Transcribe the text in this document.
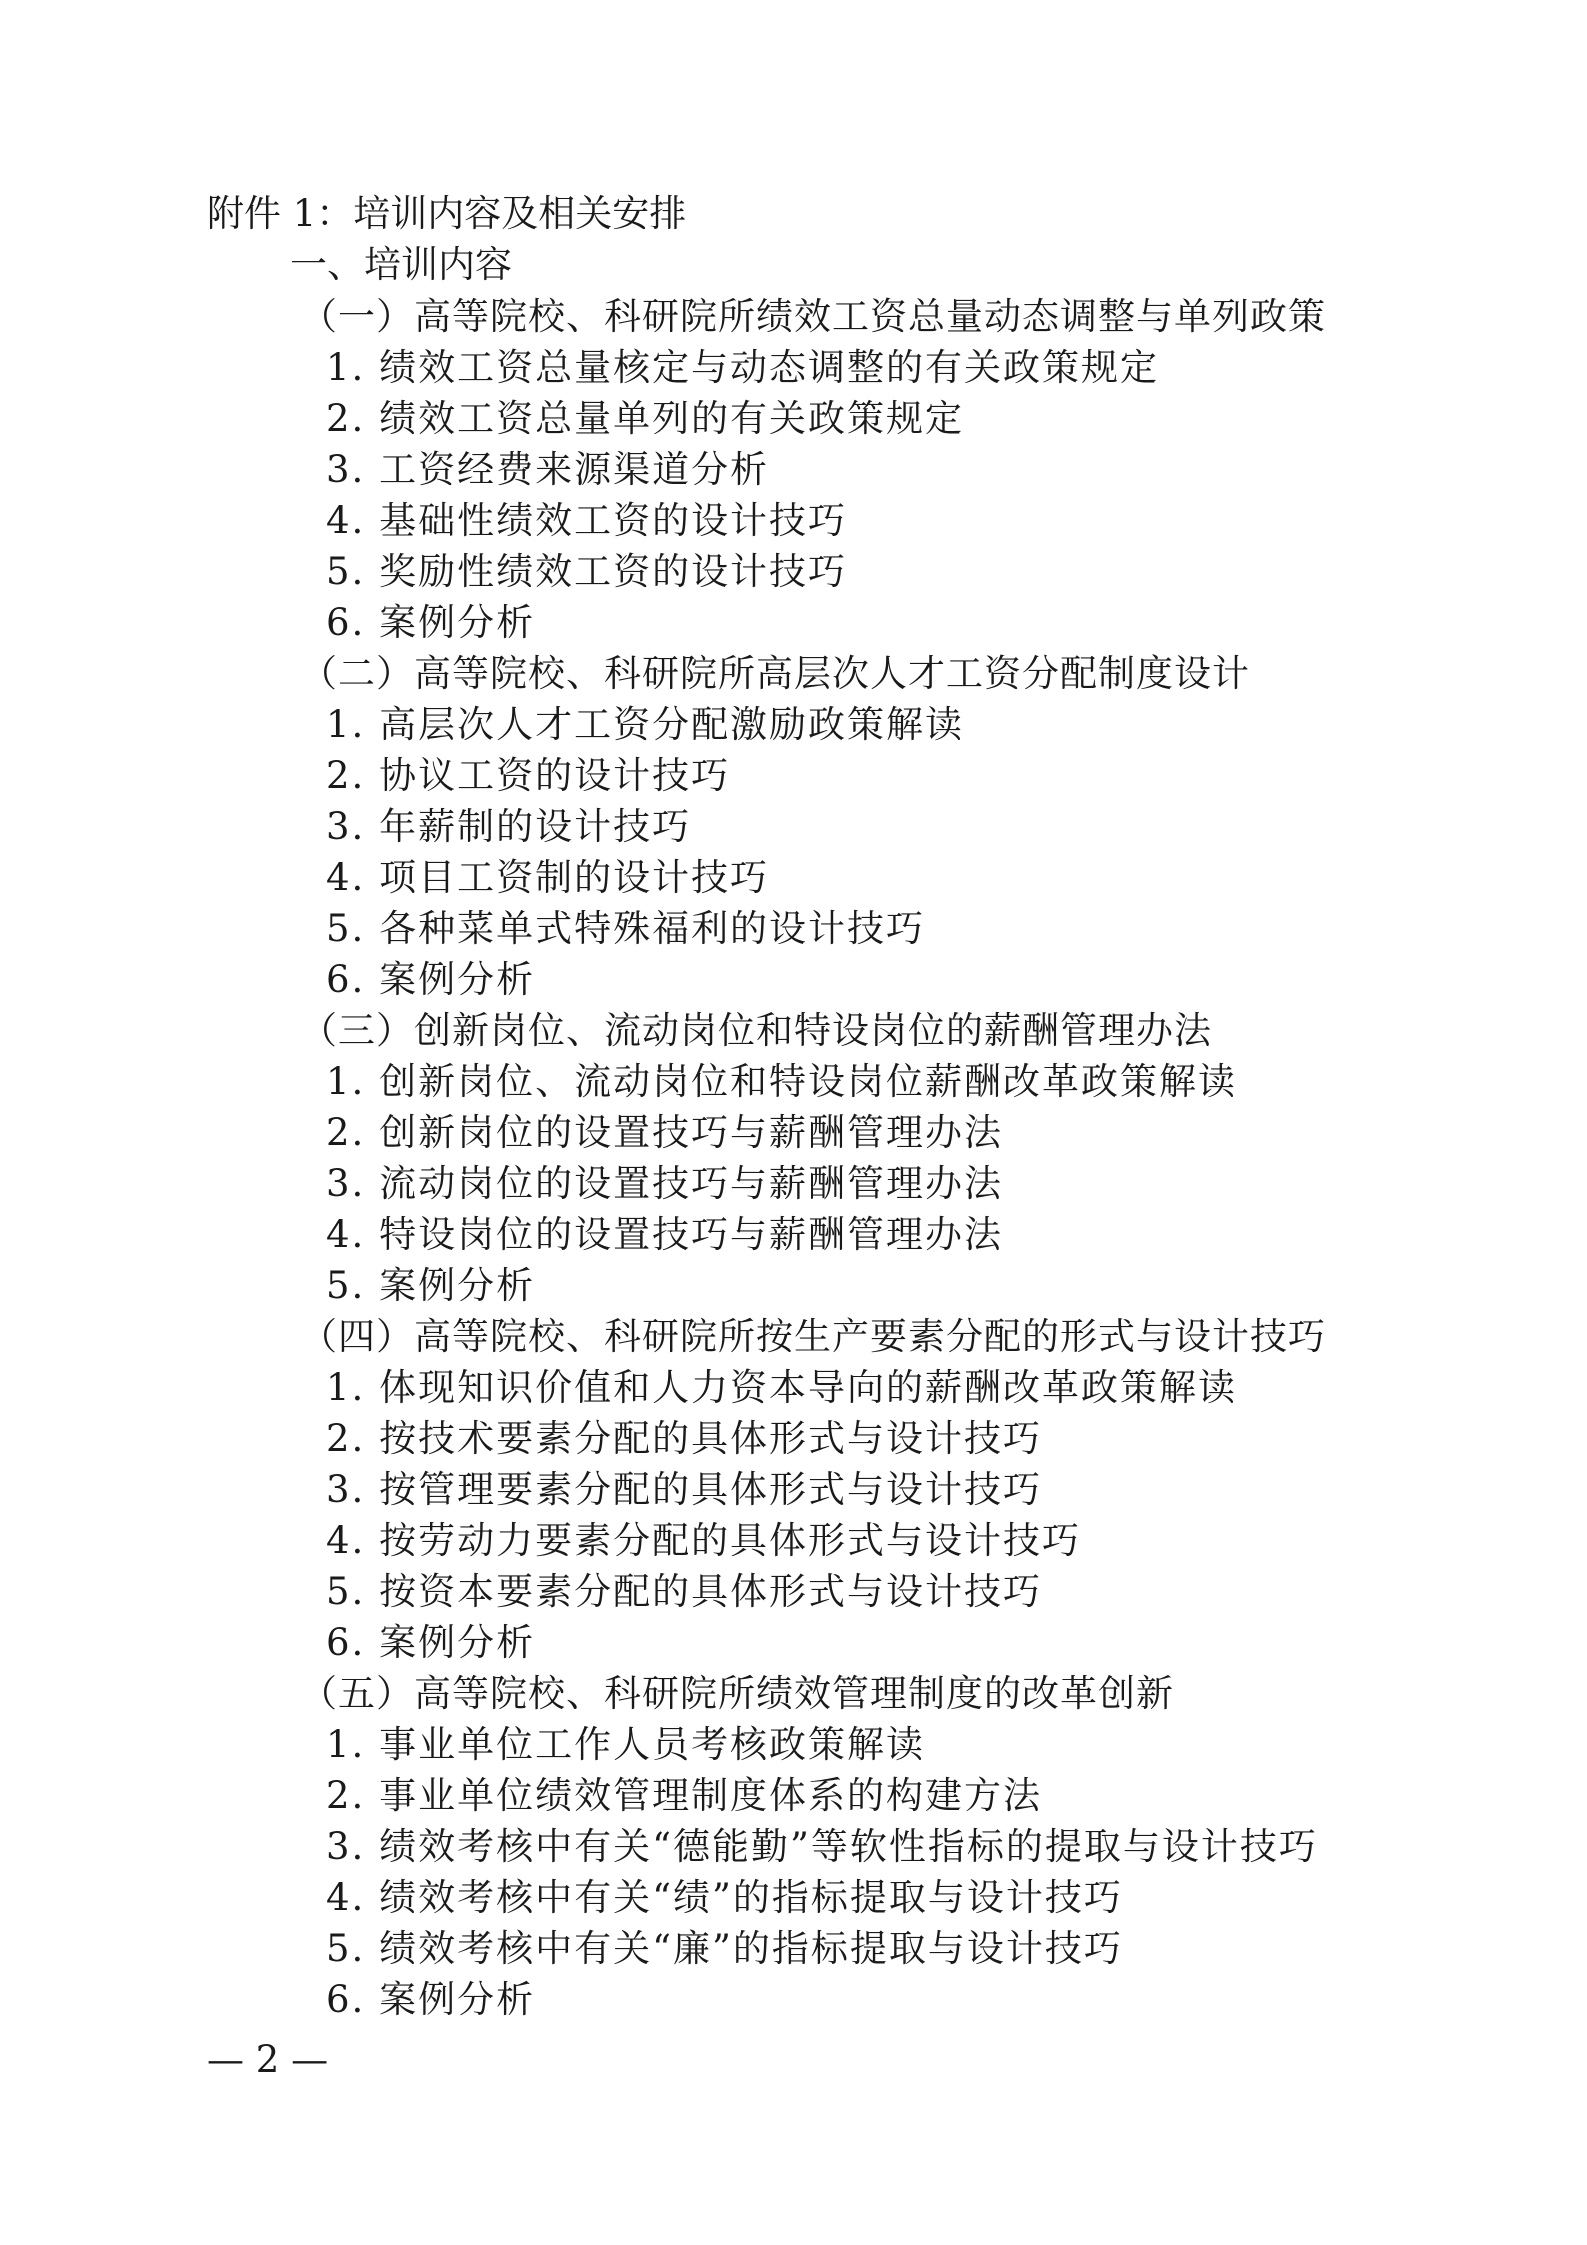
附件 1：培训内容及相关安排
一、培训内容
（一）高等院校、科研院所绩效工资总量动态调整与单列政策
1. 绩效工资总量核定与动态调整的有关政策规定
2. 绩效工资总量单列的有关政策规定
3. 工资经费来源渠道分析
4. 基础性绩效工资的设计技巧
5. 奖励性绩效工资的设计技巧
6. 案例分析
（二）高等院校、科研院所高层次人才工资分配制度设计
1. 高层次人才工资分配激励政策解读
2. 协议工资的设计技巧
3. 年薪制的设计技巧
4. 项目工资制的设计技巧
5. 各种菜单式特殊福利的设计技巧
6. 案例分析
（三）创新岗位、流动岗位和特设岗位的薪酬管理办法
1. 创新岗位、流动岗位和特设岗位薪酬改革政策解读
2. 创新岗位的设置技巧与薪酬管理办法
3. 流动岗位的设置技巧与薪酬管理办法
4. 特设岗位的设置技巧与薪酬管理办法
5. 案例分析
（四）高等院校、科研院所按生产要素分配的形式与设计技巧
1. 体现知识价值和人力资本导向的薪酬改革政策解读
2. 按技术要素分配的具体形式与设计技巧
3. 按管理要素分配的具体形式与设计技巧
4. 按劳动力要素分配的具体形式与设计技巧
5. 按资本要素分配的具体形式与设计技巧
6. 案例分析
（五）高等院校、科研院所绩效管理制度的改革创新
1. 事业单位工作人员考核政策解读
2. 事业单位绩效管理制度体系的构建方法
3. 绩效考核中有关“德能勤”等软性指标的提取与设计技巧
4. 绩效考核中有关“绩”的指标提取与设计技巧
5. 绩效考核中有关“廉”的指标提取与设计技巧
6. 案例分析
— 2 —
